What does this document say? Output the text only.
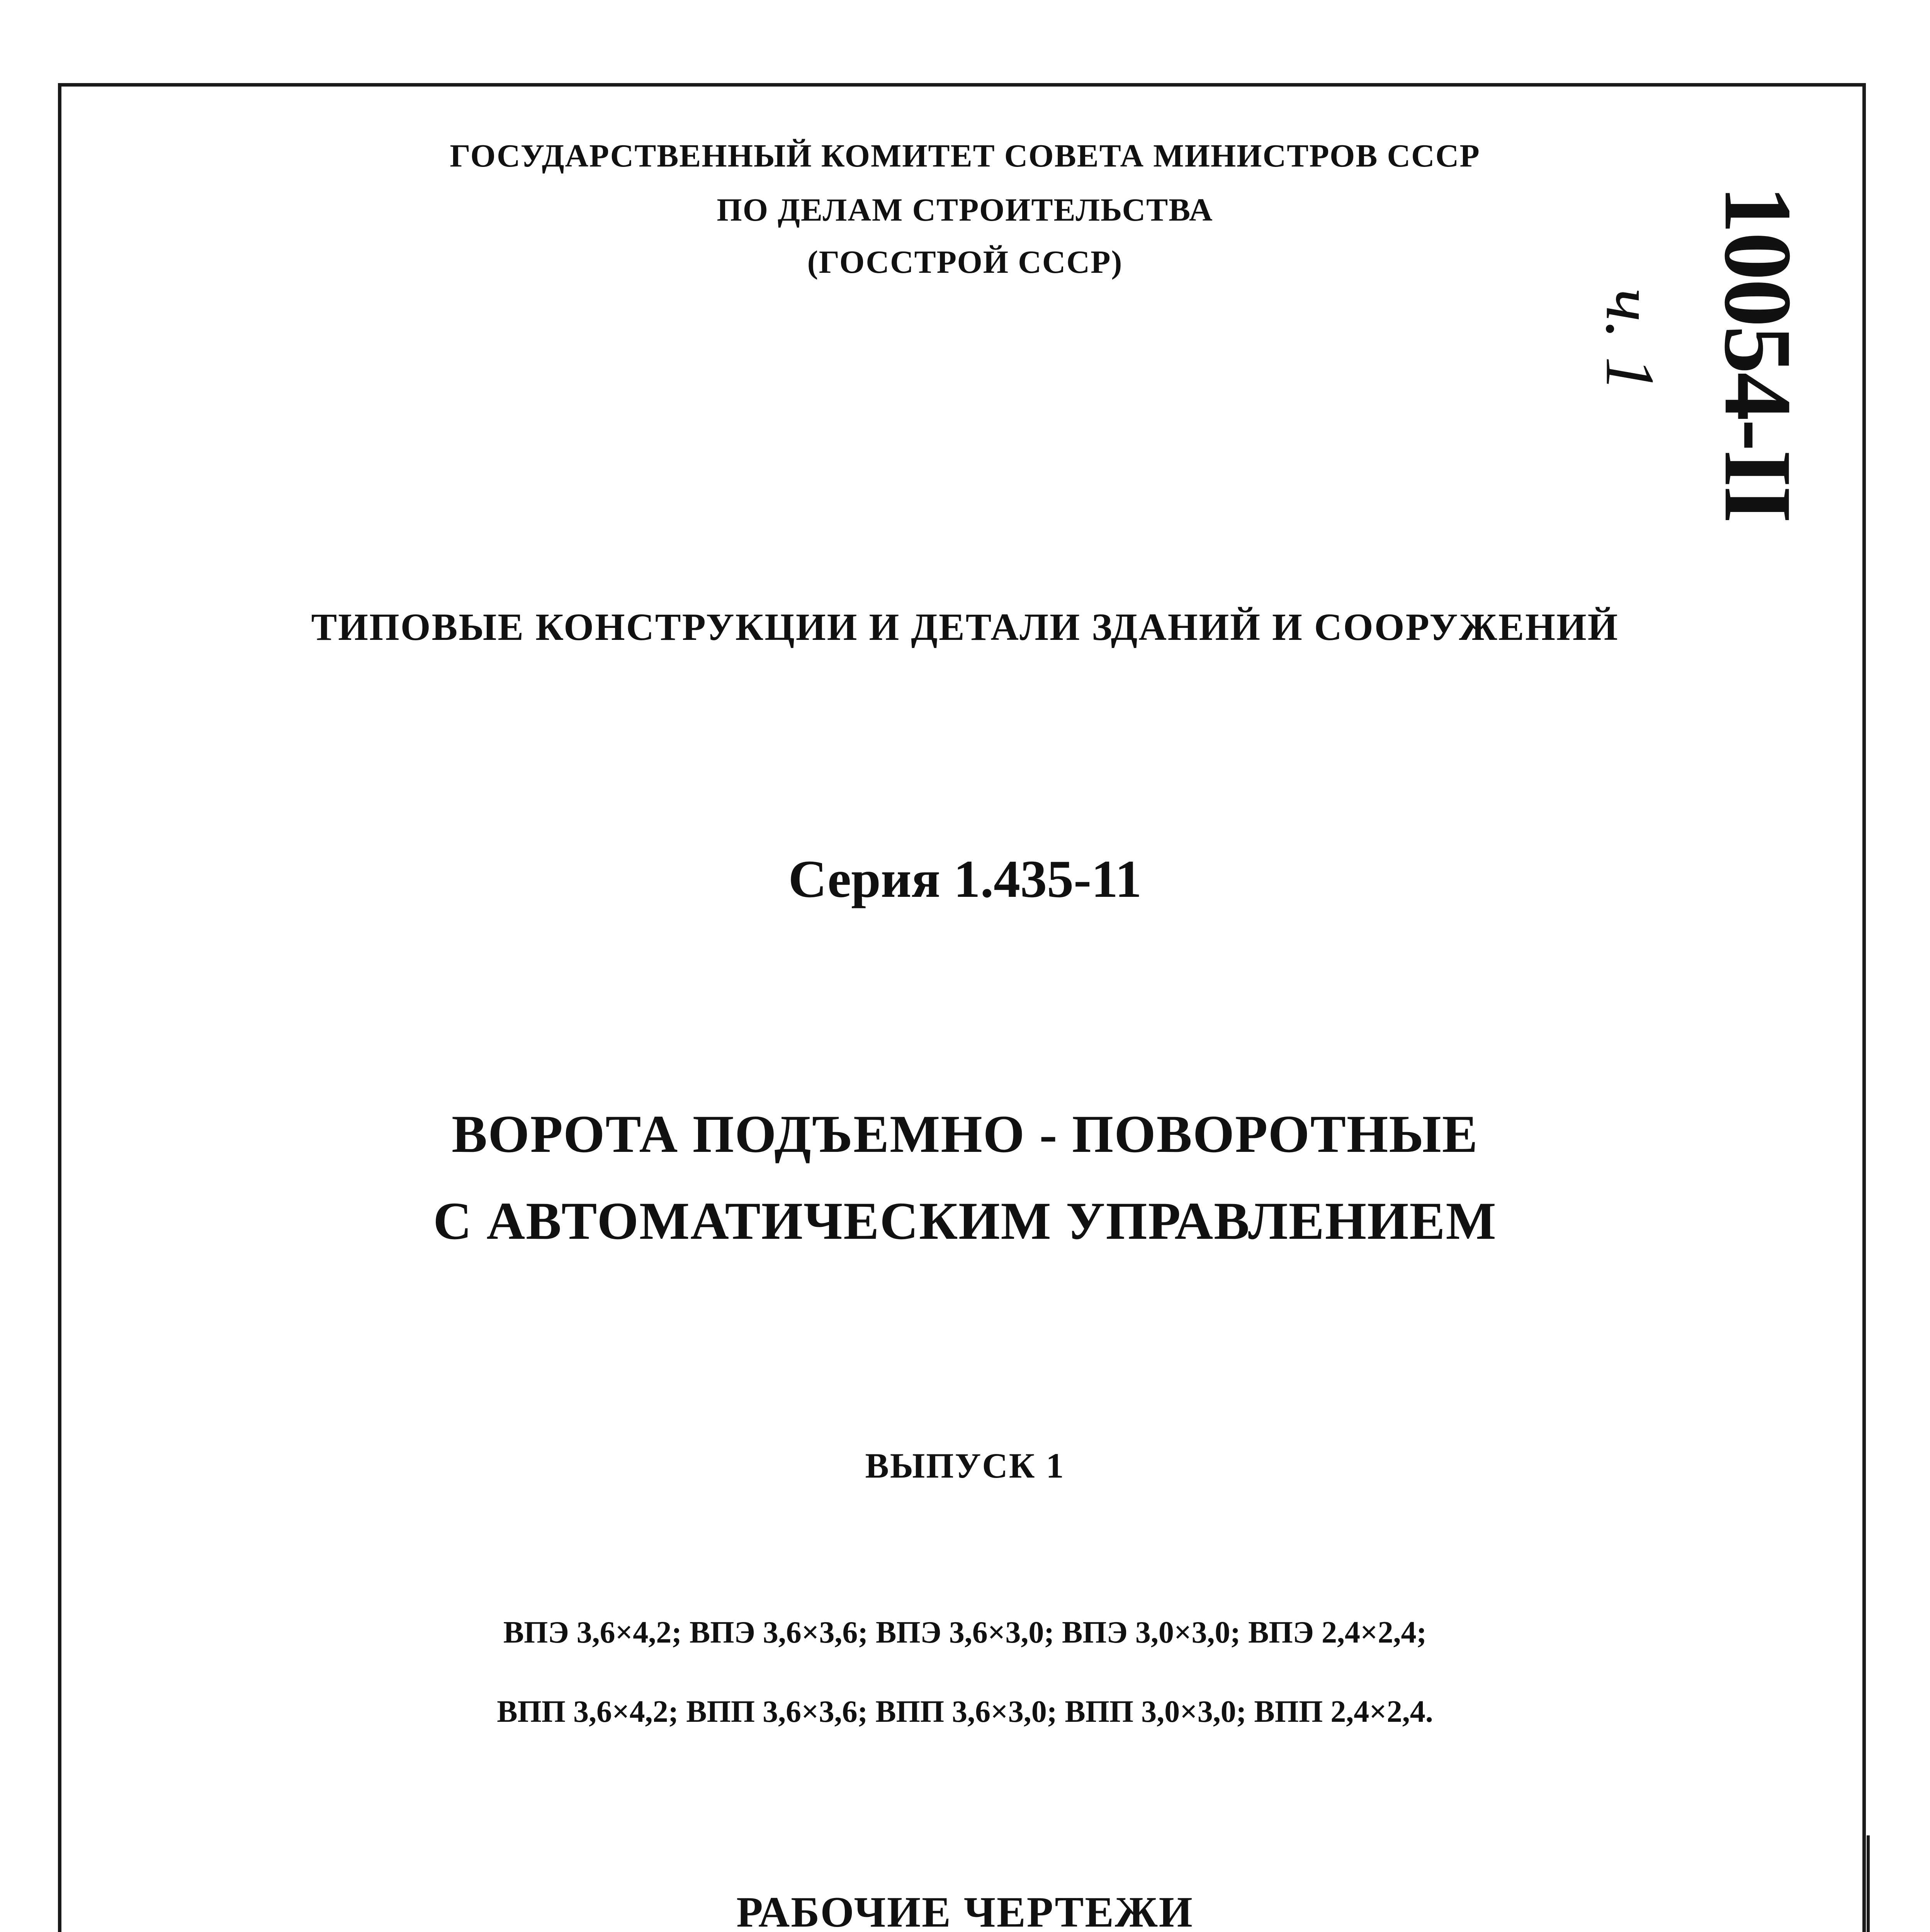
ГОСУДАРСТВЕННЫЙ КОМИТЕТ СОВЕТА МИНИСТРОВ СССР
ПО ДЕЛАМ СТРОИТЕЛЬСТВА
(ГОССТРОЙ СССР)	10054-II
ч. 1
ТИПОВЫЕ КОНСТРУКЦИИ И ДЕТАЛИ ЗДАНИЙ И СООРУЖЕНИЙ
Серия 1.435-11
ВОРОТА ПОДЪЕМНО - ПОВОРОТНЫЕ
С АВТОМАТИЧЕСКИМ УПРАВЛЕНИЕМ
ВЫПУСК 1
ВПЭ 3,6×4,2; ВПЭ 3,6×3,6; ВПЭ 3,6×3,0; ВПЭ 3,0×3,0; ВПЭ 2,4×2,4;
ВПП 3,6×4,2; ВПП 3,6×3,6; ВПП 3,6×3,0; ВПП 3,0×3,0; ВПП 2,4×2,4.
РАБОЧИЕ ЧЕРТЕЖИ
